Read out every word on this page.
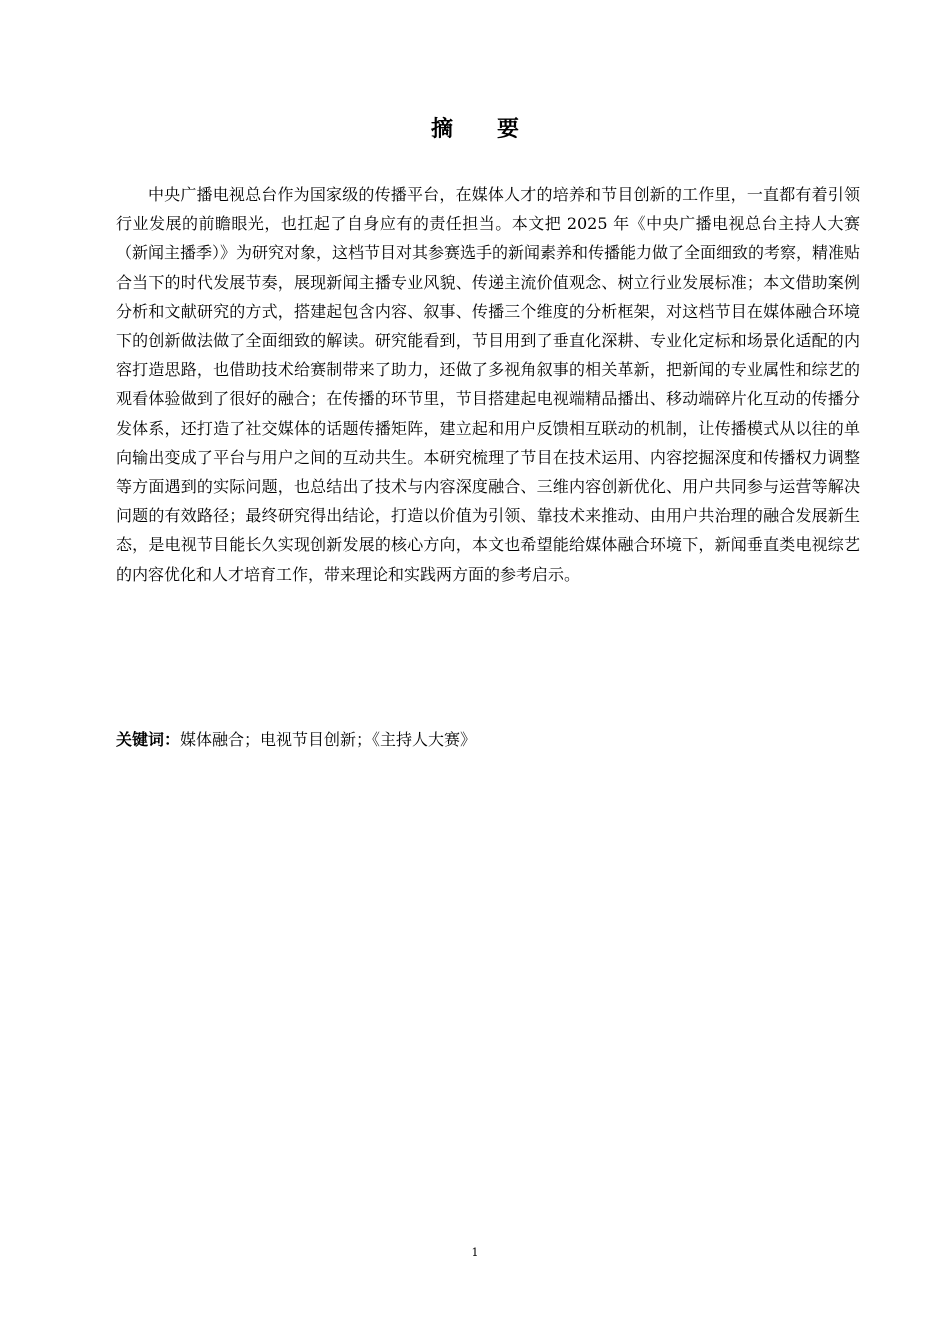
摘要

中央广播电视总台作为国家级的传播平台，在媒体人才的培养和节目创新的工作里，一直都有着引领行业发展的前瞻眼光，也扛起了自身应有的责任担当。本文把 2025 年《中央广播电视总台主持人大赛（新闻主播季）》为研究对象，这档节目对其参赛选手的新闻素养和传播能力做了全面细致的考察，精准贴合当下的时代发展节奏，展现新闻主播专业风貌、传递主流价值观念、树立行业发展标准；本文借助案例分析和文献研究的方式，搭建起包含内容、叙事、传播三个维度的分析框架，对这档节目在媒体融合环境下的创新做法做了全面细致的解读。研究能看到，节目用到了垂直化深耕、专业化定标和场景化适配的内容打造思路，也借助技术给赛制带来了助力，还做了多视角叙事的相关革新，把新闻的专业属性和综艺的观看体验做到了很好的融合；在传播的环节里，节目搭建起电视端精品播出、移动端碎片化互动的传播分发体系，还打造了社交媒体的话题传播矩阵，建立起和用户反馈相互联动的机制，让传播模式从以往的单向输出变成了平台与用户之间的互动共生。本研究梳理了节目在技术运用、内容挖掘深度和传播权力调整等方面遇到的实际问题，也总结出了技术与内容深度融合、三维内容创新优化、用户共同参与运营等解决问题的有效路径；最终研究得出结论，打造以价值为引领、靠技术来推动、由用户共治理的融合发展新生态，是电视节目能长久实现创新发展的核心方向，本文也希望能给媒体融合环境下，新闻垂直类电视综艺的内容优化和人才培育工作，带来理论和实践两方面的参考启示。

关键词：媒体融合；电视节目创新；《主持人大赛》

1
